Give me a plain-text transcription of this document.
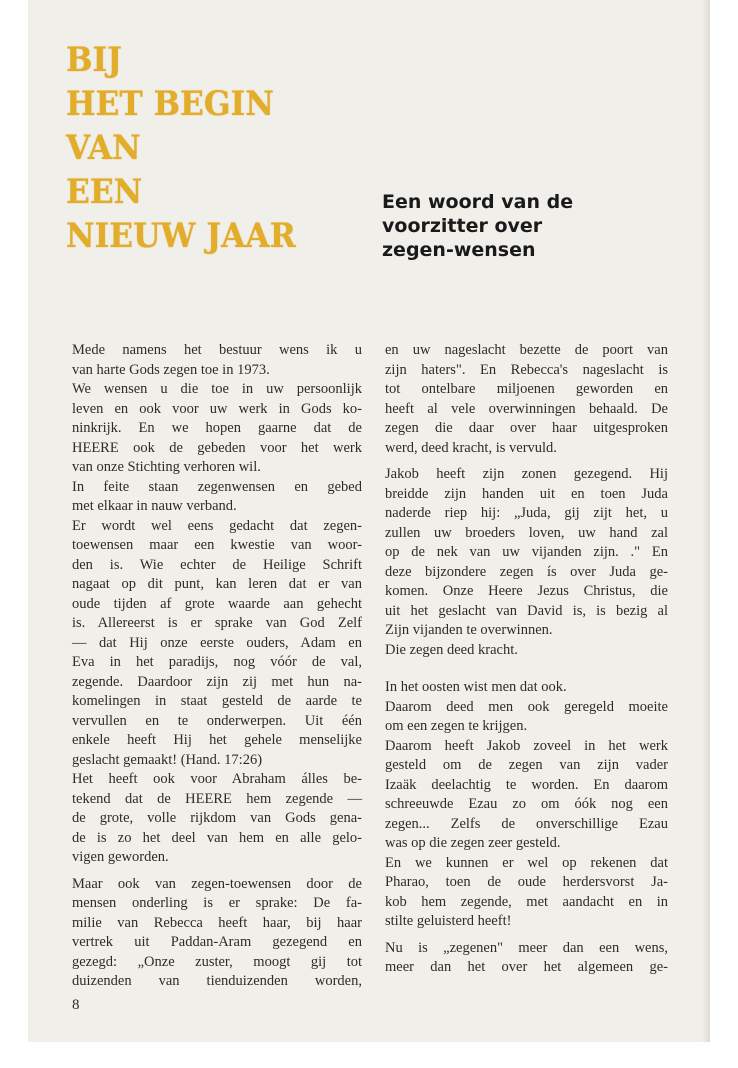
BIJ
HET BEGIN
VAN
EEN
NIEUW JAAR
Een woord van de
voorzitter over
zegen-wensen
Mede namens het bestuur wens ik u
van harte Gods zegen toe in 1973.
We wensen u die toe in uw persoonlijk
leven en ook voor uw werk in Gods ko-
ninkrijk. En we hopen gaarne dat de
HEERE ook de gebeden voor het werk
van onze Stichting verhoren wil.
In feite staan zegenwensen en gebed
met elkaar in nauw verband.
Er wordt wel eens gedacht dat zegen-
toewensen maar een kwestie van woor-
den is. Wie echter de Heilige Schrift
nagaat op dit punt, kan leren dat er van
oude tijden af grote waarde aan gehecht
is. Allereerst is er sprake van God Zelf
— dat Hij onze eerste ouders, Adam en
Eva in het paradijs, nog vóór de val,
zegende. Daardoor zijn zij met hun na-
komelingen in staat gesteld de aarde te
vervullen en te onderwerpen. Uit één
enkele heeft Hij het gehele menselijke
geslacht gemaakt! (Hand. 17:26)
Het heeft ook voor Abraham álles be-
tekend dat de HEERE hem zegende —
de grote, volle rijkdom van Gods gena-
de is zo het deel van hem en alle gelo-
vigen geworden.
Maar ook van zegen-toewensen door de
mensen onderling is er sprake: De fa-
milie van Rebecca heeft haar, bij haar
vertrek uit Paddan-Aram gezegend en
gezegd: „Onze zuster, moogt gij tot
duizenden van tienduizenden worden,
en uw nageslacht bezette de poort van
zijn haters". En Rebecca's nageslacht is
tot ontelbare miljoenen geworden en
heeft al vele overwinningen behaald. De
zegen die daar over haar uitgesproken
werd, deed kracht, is vervuld.
Jakob heeft zijn zonen gezegend. Hij
breidde zijn handen uit en toen Juda
naderde riep hij: „Juda, gij zijt het, u
zullen uw broeders loven, uw hand zal
op de nek van uw vijanden zijn. ." En
deze bijzondere zegen ís over Juda ge-
komen. Onze Heere Jezus Christus, die
uit het geslacht van David is, is bezig al
Zijn vijanden te overwinnen.
Die zegen deed kracht.
In het oosten wist men dat ook.
Daarom deed men ook geregeld moeite
om een zegen te krijgen.
Daarom heeft Jakob zoveel in het werk
gesteld om de zegen van zijn vader
Izaäk deelachtig te worden. En daarom
schreeuwde Ezau zo om óók nog een
zegen... Zelfs de onverschillige Ezau
was op die zegen zeer gesteld.
En we kunnen er wel op rekenen dat
Pharao, toen de oude herdersvorst Ja-
kob hem zegende, met aandacht en in
stilte geluisterd heeft!
Nu is „zegenen" meer dan een wens,
meer dan het over het algemeen ge-
8
